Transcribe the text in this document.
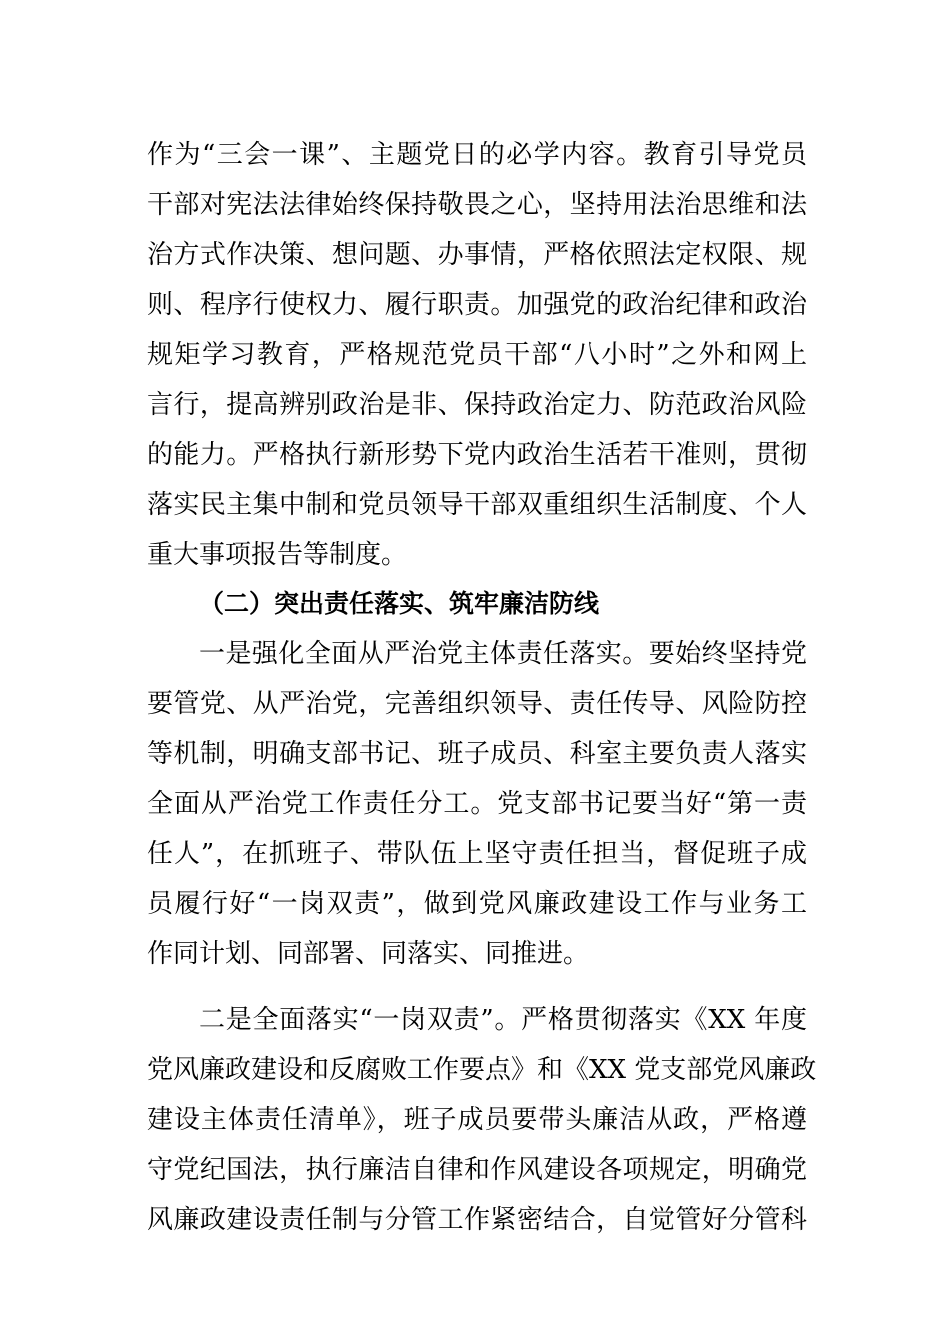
作为“三会一课”、主题党日的必学内容。教育引导党员
干部对宪法法律始终保持敬畏之心，坚持用法治思维和法
治方式作决策、想问题、办事情，严格依照法定权限、规
则、程序行使权力、履行职责。加强党的政治纪律和政治
规矩学习教育，严格规范党员干部“八小时”之外和网上
言行，提高辨别政治是非、保持政治定力、防范政治风险
的能力。严格执行新形势下党内政治生活若干准则，贯彻
落实民主集中制和党员领导干部双重组织生活制度、个人
重大事项报告等制度。
（二）突出责任落实、筑牢廉洁防线
一是强化全面从严治党主体责任落实。要始终坚持党
要管党、从严治党，完善组织领导、责任传导、风险防控
等机制，明确支部书记、班子成员、科室主要负责人落实
全面从严治党工作责任分工。党支部书记要当好“第一责
任人”，在抓班子、带队伍上坚守责任担当，督促班子成
员履行好“一岗双责”，做到党风廉政建设工作与业务工
作同计划、同部署、同落实、同推进。
二是全面落实“一岗双责”。严格贯彻落实《XX 年度
党风廉政建设和反腐败工作要点》和《XX 党支部党风廉政
建设主体责任清单》，班子成员要带头廉洁从政，严格遵
守党纪国法，执行廉洁自律和作风建设各项规定，明确党
风廉政建设责任制与分管工作紧密结合，自觉管好分管科
